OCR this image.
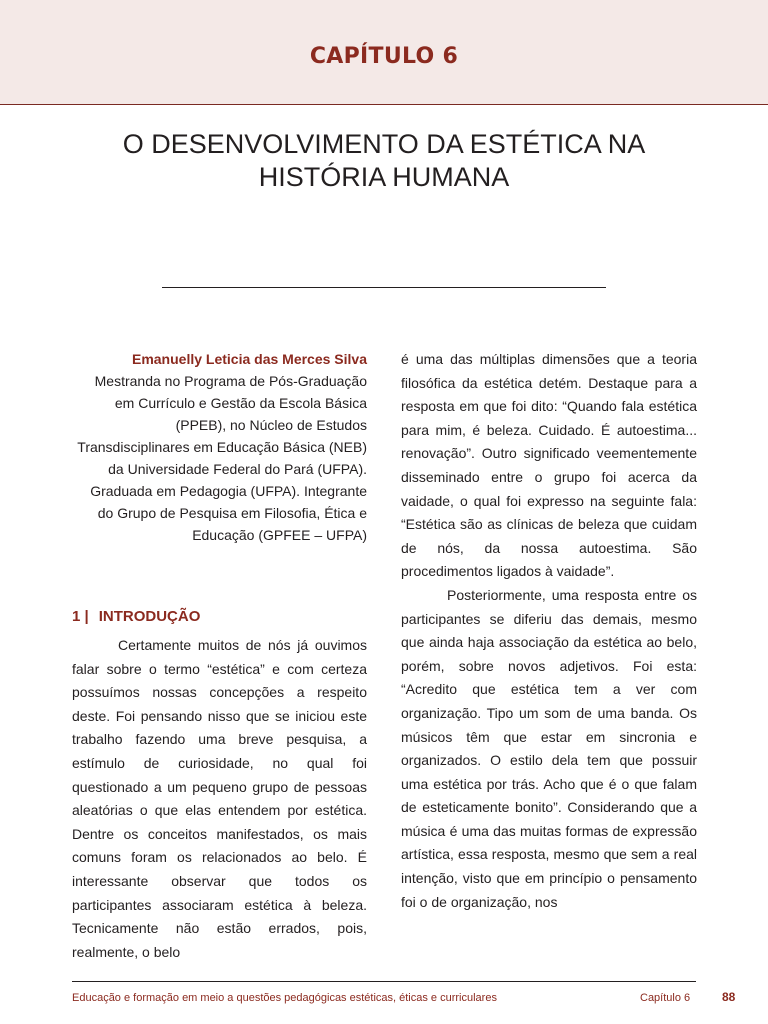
CAPÍTULO 6
O DESENVOLVIMENTO DA ESTÉTICA NA HISTÓRIA HUMANA

Emanuelly Leticia das Merces Silva

Mestranda no Programa de Pós-Graduação em Currículo e Gestão da Escola Básica (PPEB), no Núcleo de Estudos Transdisciplinares em Educação Básica (NEB) da Universidade Federal do Pará (UFPA). Graduada em Pedagogia (UFPA). Integrante do Grupo de Pesquisa em Filosofia, Ética e Educação (GPFEE – UFPA)

1 | INTRODUÇÃO

Certamente muitos de nós já ouvimos falar sobre o termo “estética” e com certeza possuímos nossas concepções a respeito deste. Foi pensando nisso que se iniciou este trabalho fazendo uma breve pesquisa, a estímulo de curiosidade, no qual foi questionado a um pequeno grupo de pessoas aleatórias o que elas entendem por estética. Dentre os conceitos manifestados, os mais comuns foram os relacionados ao belo. É interessante observar que todos os participantes associaram estética à beleza. Tecnicamente não estão errados, pois, realmente, o belo

é uma das múltiplas dimensões que a teoria filosófica da estética detém. Destaque para a resposta em que foi dito: “Quando fala estética para mim, é beleza. Cuidado. É autoestima... renovação”. Outro significado veementemente disseminado entre o grupo foi acerca da vaidade, o qual foi expresso na seguinte fala: “Estética são as clínicas de beleza que cuidam de nós, da nossa autoestima. São procedimentos ligados à vaidade”.

Posteriormente, uma resposta entre os participantes se diferiu das demais, mesmo que ainda haja associação da estética ao belo, porém, sobre novos adjetivos. Foi esta: “Acredito que estética tem a ver com organização. Tipo um som de uma banda. Os músicos têm que estar em sincronia e organizados. O estilo dela tem que possuir uma estética por trás. Acho que é o que falam de esteticamente bonito”. Considerando que a música é uma das muitas formas de expressão artística, essa resposta, mesmo que sem a real intenção, visto que em princípio o pensamento foi o de organização, nos

Educação e formação em meio a questões pedagógicas estéticas, éticas e curriculares	Capítulo 6	88
